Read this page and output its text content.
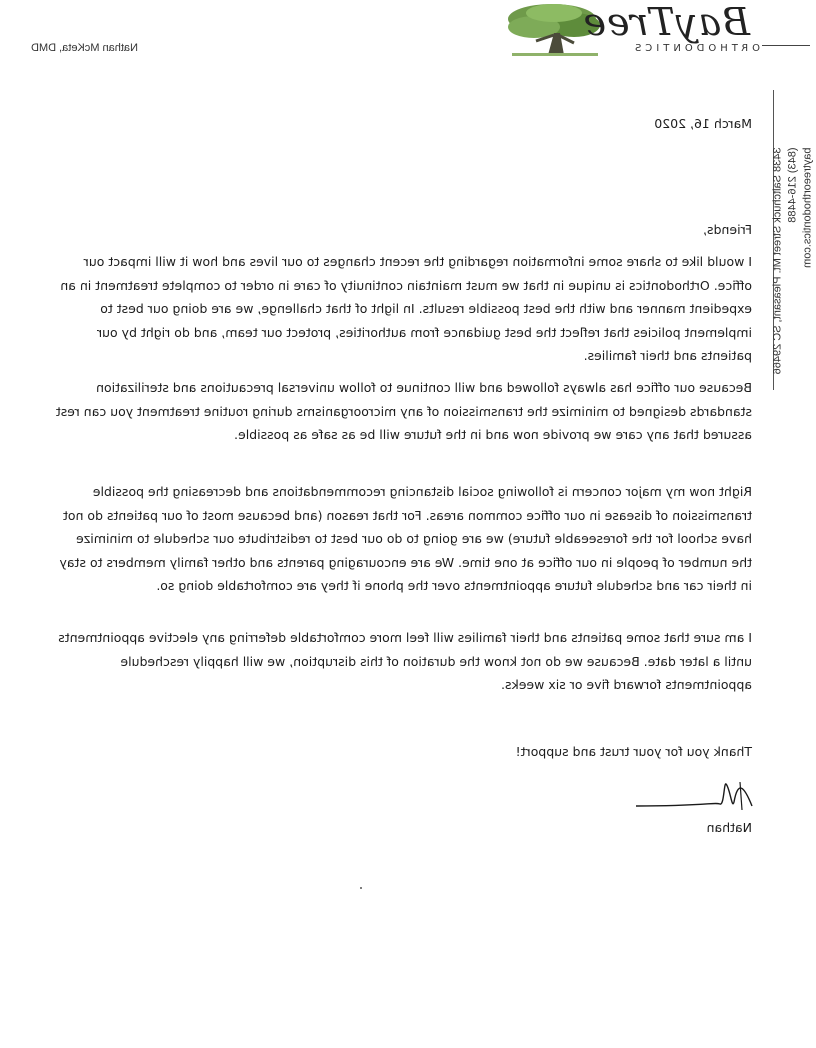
BayTree
ORTHODONTICS
Nathan McKeta, DMD
3438 Saltchuck Street Mt. Pleasant, SC 29466 (843) 216-4488 baytreeorthodontics.com
March 16, 2020
Friends,
I would like to share some information regarding the recent changes to our lives and how it will impact our office. Orthodontics is unique in that we must maintain continuity of care in order to complete treatment in an expedient manner and with the best possible results. In light of that challenge, we are doing our best to implement policies that reflect the best guidance from authorities, protect our team, and do right by our patients and their families.
Because our office has always followed and will continue to follow universal precautions and sterilization standards designed to minimize the transmission of any microorganisms during routine treatment you can rest assured that any care we provide now and in the future will be as safe as possible.
Right now my major concern is following social distancing recommendations and decreasing the possible transmission of disease in our office common areas. For that reason (and because most of our patients do not have school for the foreseeable future) we are going to do our best to redistribute our schedule to minimize the number of people in our office at one time. We are encouraging parents and other family members to stay in their car and schedule future appointments over the phone if they are comfortable doing so.
I am sure that some patients and their families will feel more comfortable deferring any elective appointments until a later date. Because we do not know the duration of this disruption, we will happily reschedule appointments forward five or six weeks.
Thank you for your trust and support!
Nathan
